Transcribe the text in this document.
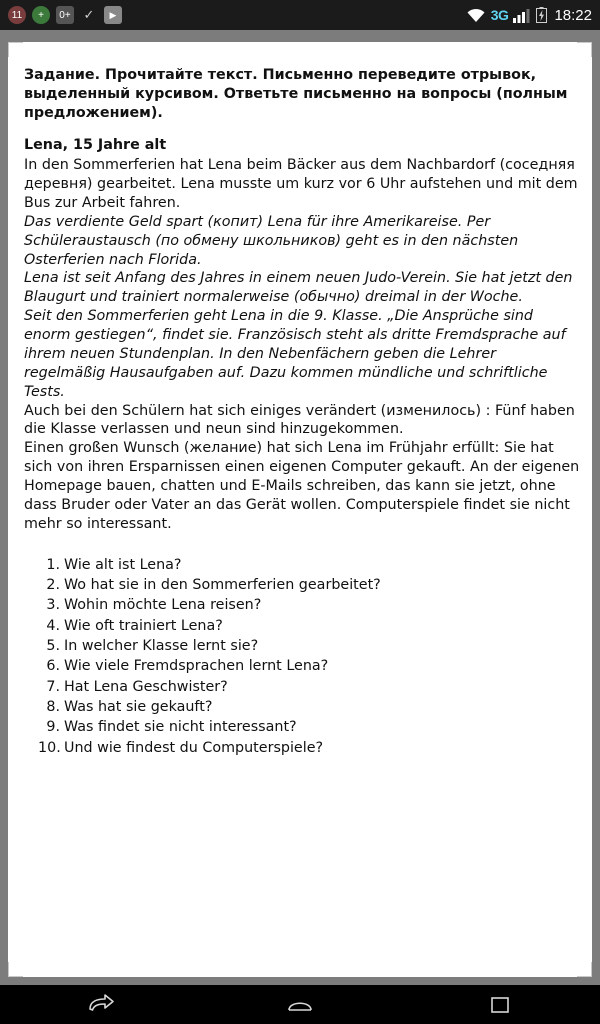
11	+	0+ ✓	▶	3G	18:22
Задание. Прочитайте текст. Письменно переведите отрывок, выделенный курсивом. Ответьте письменно на вопросы (полным предложением).
Lena, 15 Jahre alt

In den Sommerferien hat Lena beim Bäcker aus dem Nachbardorf (соседняя деревня) gearbeitet. Lena musste um kurz vor 6 Uhr aufstehen und mit dem Bus zur Arbeit fahren.

Das verdiente Geld spart (копит) Lena für ihre Amerikareise. Per Schüleraustausch (по обмену школьников) geht es in den nächsten Osterferien nach Florida.

Lena ist seit Anfang des Jahres in einem neuen Judo-Verein. Sie hat jetzt den Blaugurt und trainiert normalerweise (обычно) dreimal in der Woche.

Seit den Sommerferien geht Lena in die 9. Klasse. „Die Ansprüche sind enorm gestiegen“, findet sie. Französisch steht als dritte Fremdsprache auf ihrem neuen Stundenplan. In den Nebenfächern geben die Lehrer regelmäßig Hausaufgaben auf. Dazu kommen mündliche und schriftliche Tests.

Auch bei den Schülern hat sich einiges verändert (изменилось) : Fünf haben die Klasse verlassen und neun sind hinzugekommen.

Einen großen Wunsch (желание) hat sich Lena im Frühjahr erfüllt: Sie hat sich von ihren Ersparnissen einen eigenen Computer gekauft. An der eigenen Homepage bauen, chatten und E-Mails schreiben, das kann sie jetzt, ohne dass Bruder oder Vater an das Gerät wollen. Computerspiele findet sie nicht mehr so interessant.

Wie alt ist Lena?
Wo hat sie in den Sommerferien gearbeitet?
Wohin möchte Lena reisen?
Wie oft trainiert Lena?
In welcher Klasse lernt sie?
Wie viele Fremdsprachen lernt Lena?
Hat Lena Geschwister?
Was hat sie gekauft?
Was findet sie nicht interessant?
Und wie findest du Computerspiele?
